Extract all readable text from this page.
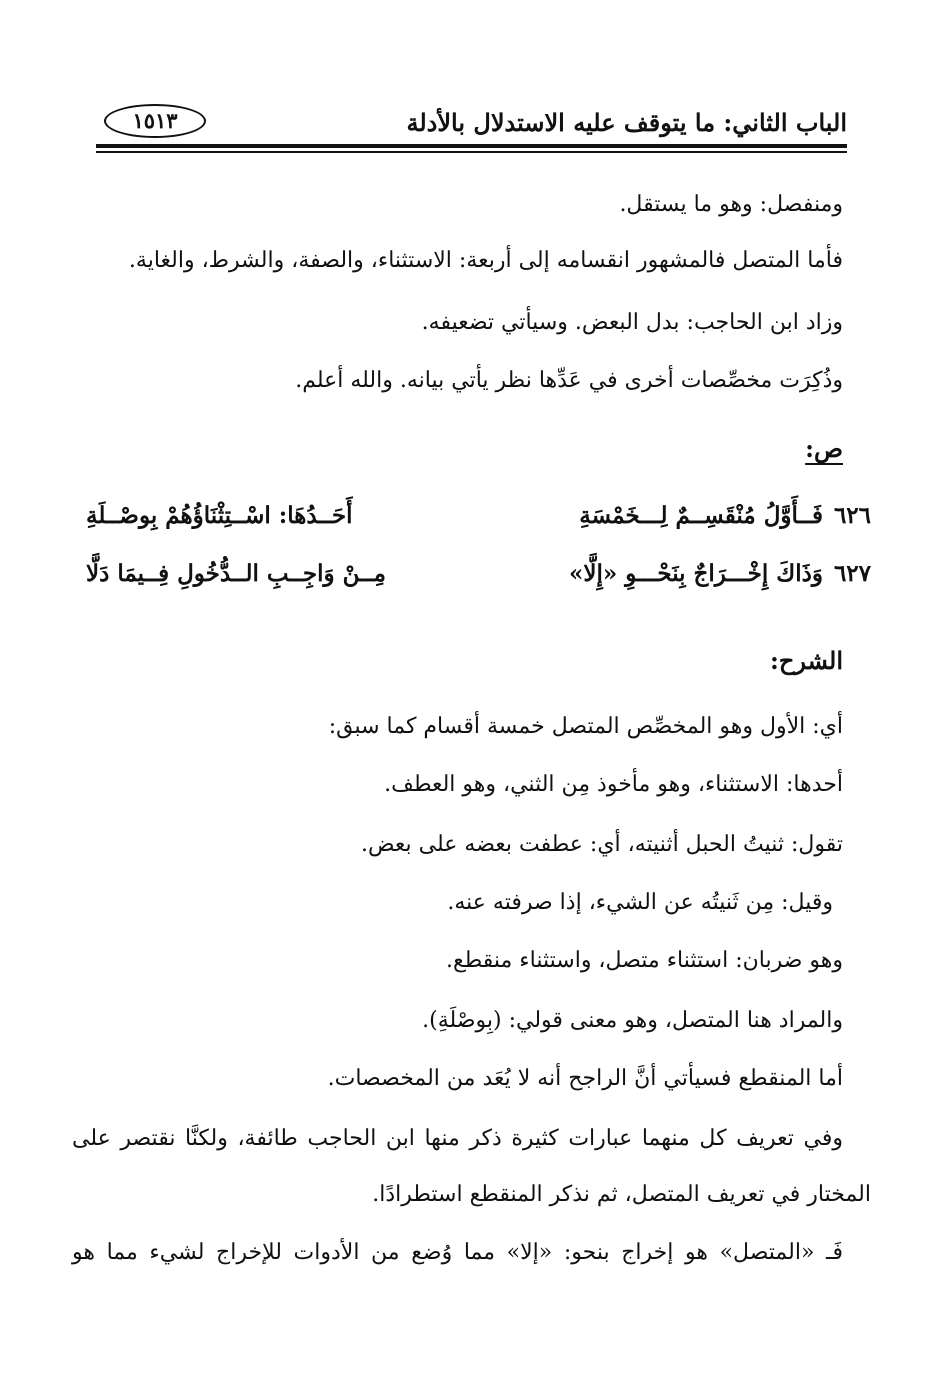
الباب الثاني: ما يتوقف عليه الاستدلال بالأدلة
١٥١٣
ومنفصل: وهو ما يستقل.
فأما المتصل فالمشهور انقسامه إلى أربعة: الاستثناء، والصفة، والشرط، والغاية.
وزاد ابن الحاجب: بدل البعض. وسيأتي تضعيفه.
وذُكِرَت مخصِّصات أخرى في عَدِّها نظر يأتي بيانه. والله أعلم.
ص:
٦٢٦
فَــأَوَّلُ مُنْقَسِــمٌ لِـــخَمْسَةِ
أَحَــدُهَا: اسْــتِثْنَاؤُهُمْ بِوصْــلَةِ
٦٢٧
وَذَاكَ إِخْـــرَاجٌ بِنَحْـــوِ «إِلَّا»
مِــنْ وَاجِــبِ الــدُّخُولِ فِــيمَا دَلَّا
الشرح:
أي: الأول وهو المخصِّص المتصل خمسة أقسام كما سبق:
أحدها: الاستثناء، وهو مأخوذ مِن الثني، وهو العطف.
تقول: ثنيتُ الحبل أثنيته، أي: عطفت بعضه على بعض.
وقيل: مِن ثَنيتُه عن الشيء، إذا صرفته عنه.
وهو ضربان: استثناء متصل، واستثناء منقطع.
والمراد هنا المتصل، وهو معنى قولي: (بِوصْلَةِ).
أما المنقطع فسيأتي أنَّ الراجح أنه لا يُعَد من المخصصات.
وفي تعريف كل منهما عبارات كثيرة ذكر منها ابن الحاجب طائفة، ولكنَّا نقتصر على
المختار في تعريف المتصل، ثم نذكر المنقطع استطرادًا.
فَـ «المتصل» هو إخراج بنحو: «إلا» مما وُضع من الأدوات للإخراج لشيء مما هو
